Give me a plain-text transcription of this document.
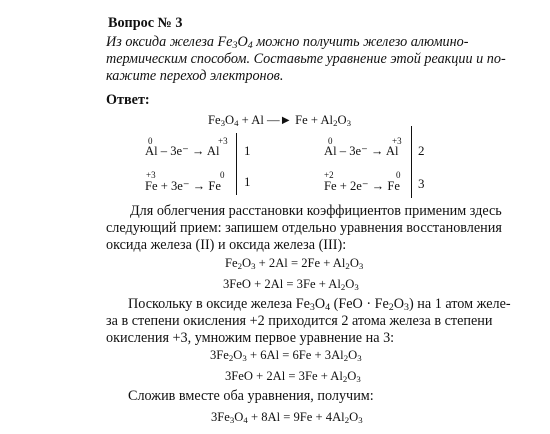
Вопрос № 3
Из оксида железа $Fe_3O_4$ можно получить железо алюмино-
термическим способом. Составьте уравнение этой реакции и по-
кажите переход электронов.
Ответ:
$Fe_3O_4 + Al$ —► $Fe + Al_2O_3$
0	+3
Al – 3e⁻ → Al 1
+3	0
Fe + 3e⁻ → Fe 1
0	+3
Al – 3e⁻ → Al 2
+2	0
Fe + 2e⁻ → Fe 3
Для облегчения расстановки коэффициентов применим здесь
следующий прием: запишем отдельно уравнения восстановления
оксида железа (II) и оксида железа (III):
$Fe_2O_3 + 2Al = 2Fe + Al_2O_3$
$3FeO + 2Al = 3Fe + Al_2O_3$
Поскольку в оксиде железа $Fe_3O_4$ $(FeO \cdot Fe_2O_3)$ на 1 атом желе-
за в степени окисления +2 приходится 2 атома железа в степени
окисления +3, умножим первое уравнение на 3:
$3Fe_2O_3 + 6Al = 6Fe + 3Al_2O_3$
$3FeO + 2Al = 3Fe + Al_2O_3$
Сложив вместе оба уравнения, получим:
$3Fe_3O_4 + 8Al = 9Fe + 4Al_2O_3$
